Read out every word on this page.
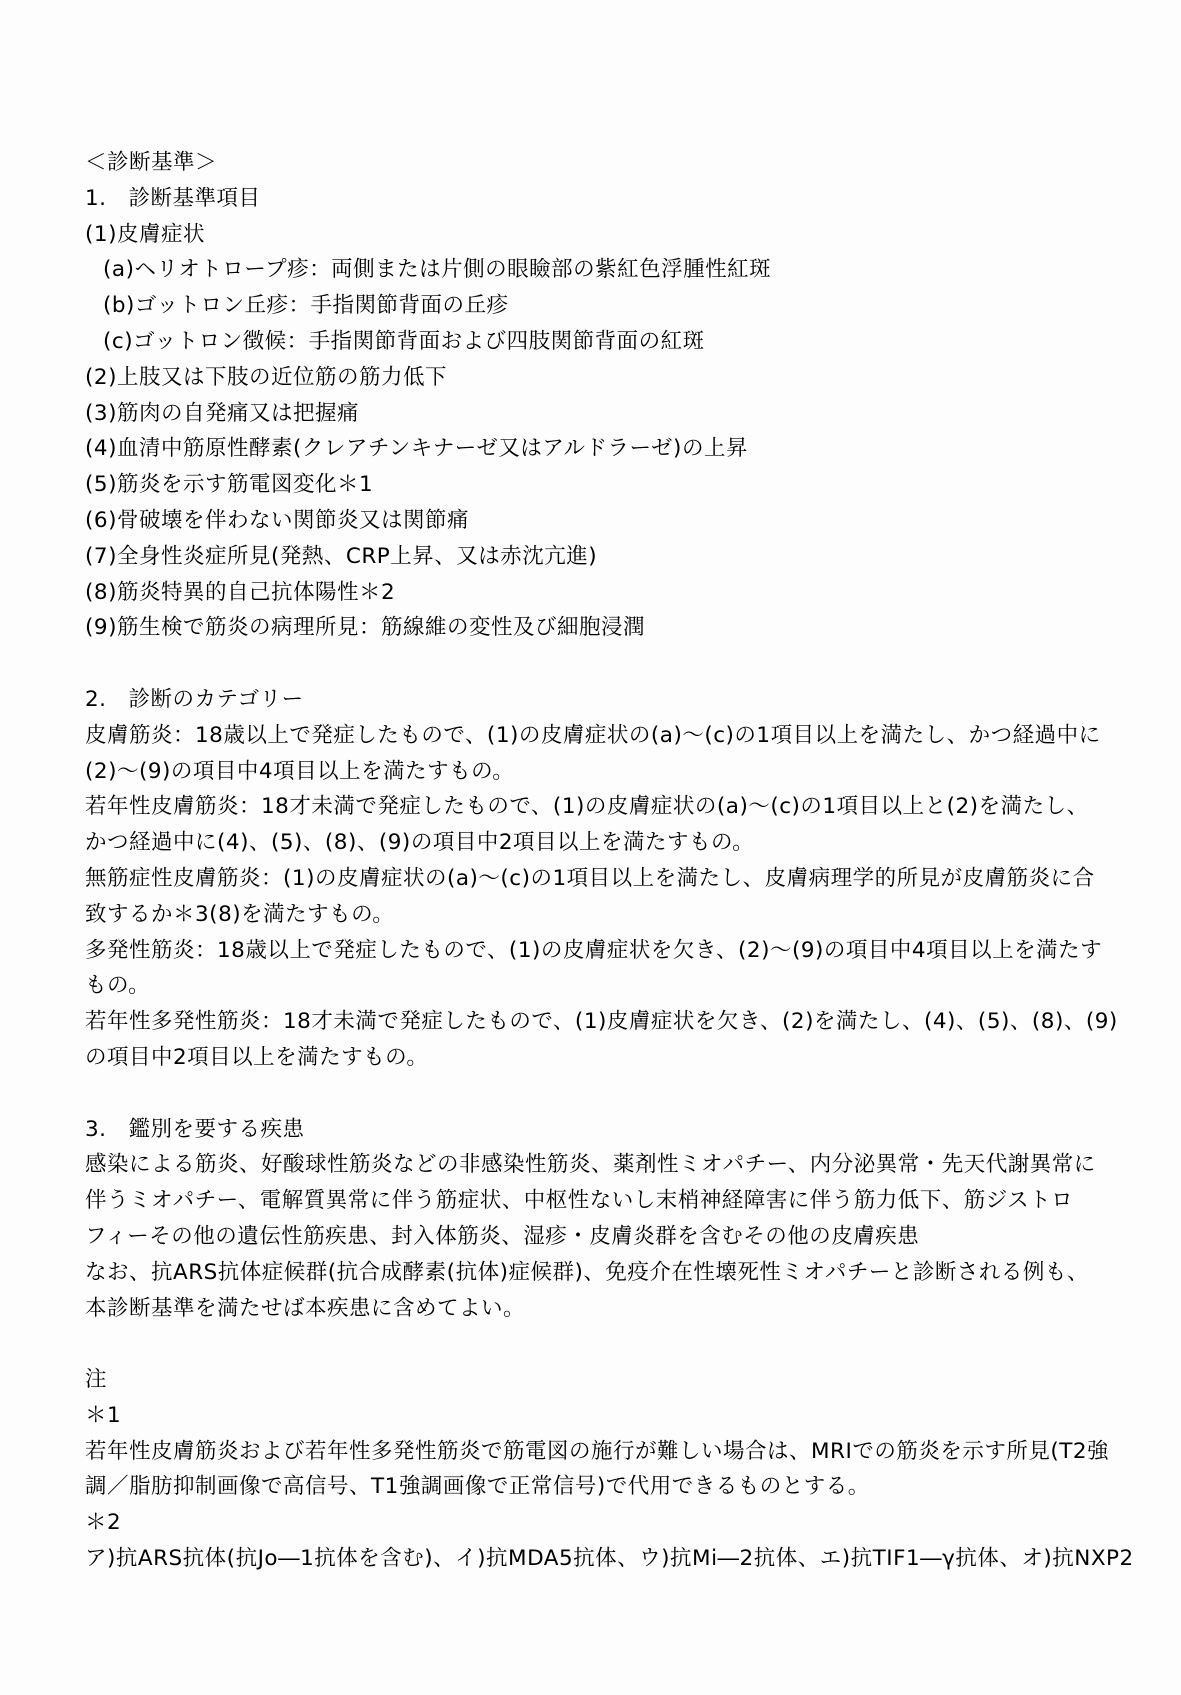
＜診断基準＞
1.　診断基準項目
(1)皮膚症状
(a)ヘリオトロープ疹：両側または片側の眼瞼部の紫紅色浮腫性紅斑
(b)ゴットロン丘疹：手指関節背面の丘疹
(c)ゴットロン徴候：手指関節背面および四肢関節背面の紅斑
(2)上肢又は下肢の近位筋の筋力低下
(3)筋肉の自発痛又は把握痛
(4)血清中筋原性酵素(クレアチンキナーゼ又はアルドラーゼ)の上昇
(5)筋炎を示す筋電図変化＊1
(6)骨破壊を伴わない関節炎又は関節痛
(7)全身性炎症所見(発熱、CRP上昇、又は赤沈亢進)
(8)筋炎特異的自己抗体陽性＊2
(9)筋生検で筋炎の病理所見：筋線維の変性及び細胞浸潤
2.　診断のカテゴリー
皮膚筋炎：18歳以上で発症したもので、(1)の皮膚症状の(a)～(c)の1項目以上を満たし、かつ経過中に
(2)～(9)の項目中4項目以上を満たすもの。
若年性皮膚筋炎：18才未満で発症したもので、(1)の皮膚症状の(a)～(c)の1項目以上と(2)を満たし、
かつ経過中に(4)、(5)、(8)、(9)の項目中2項目以上を満たすもの。
無筋症性皮膚筋炎：(1)の皮膚症状の(a)～(c)の1項目以上を満たし、皮膚病理学的所見が皮膚筋炎に合
致するか＊3(8)を満たすもの。
多発性筋炎：18歳以上で発症したもので、(1)の皮膚症状を欠き、(2)～(9)の項目中4項目以上を満たす
もの。
若年性多発性筋炎：18才未満で発症したもので、(1)皮膚症状を欠き、(2)を満たし、(4)、(5)、(8)、(9)
の項目中2項目以上を満たすもの。
3.　鑑別を要する疾患
感染による筋炎、好酸球性筋炎などの非感染性筋炎、薬剤性ミオパチー、内分泌異常・先天代謝異常に
伴うミオパチー、電解質異常に伴う筋症状、中枢性ないし末梢神経障害に伴う筋力低下、筋ジストロ
フィーその他の遺伝性筋疾患、封入体筋炎、湿疹・皮膚炎群を含むその他の皮膚疾患
なお、抗ARS抗体症候群(抗合成酵素(抗体)症候群)、免疫介在性壊死性ミオパチーと診断される例も、
本診断基準を満たせば本疾患に含めてよい。
注
＊1
若年性皮膚筋炎および若年性多発性筋炎で筋電図の施行が難しい場合は、MRIでの筋炎を示す所見(T2強
調／脂肪抑制画像で高信号、T1強調画像で正常信号)で代用できるものとする。
＊2
ア)抗ARS抗体(抗Jo―1抗体を含む)、イ)抗MDA5抗体、ウ)抗Mi―2抗体、エ)抗TIF1―γ抗体、オ)抗NXP2
